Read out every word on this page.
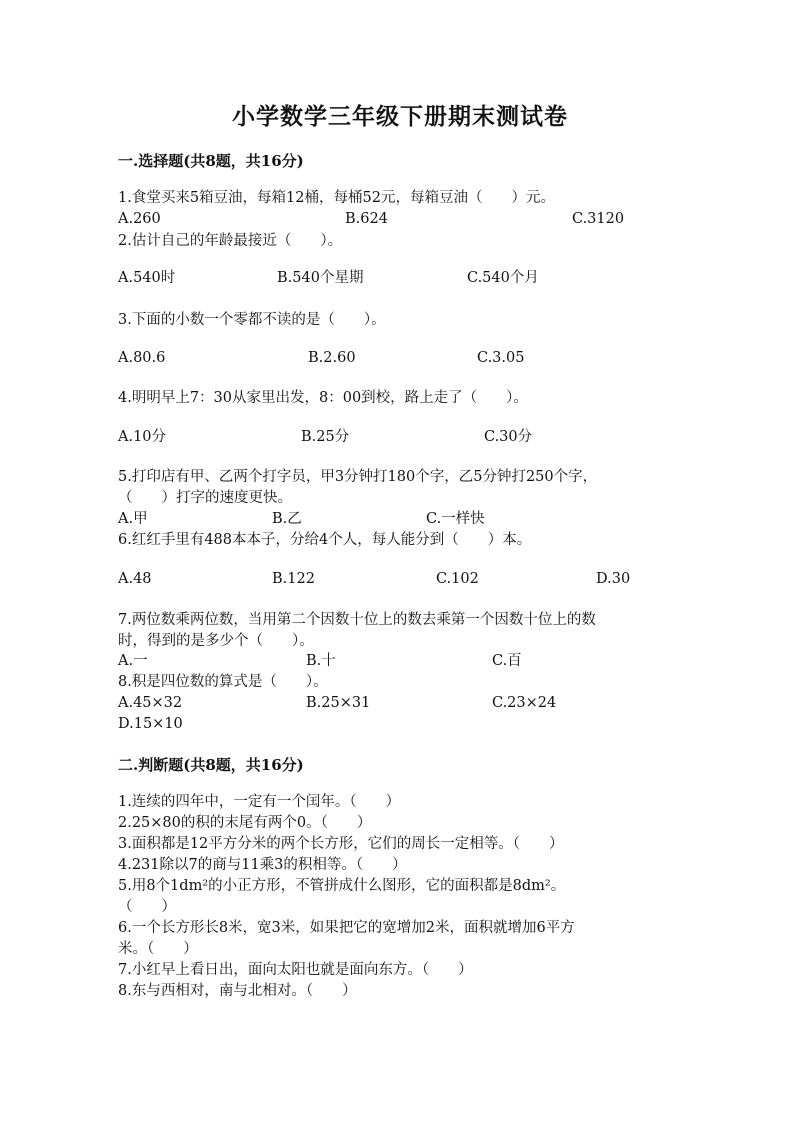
小学数学三年级下册期末测试卷
一.选择题(共8题，共16分)
1.食堂买来5箱豆油，每箱12桶，每桶52元，每箱豆油（　　）元。
A.260	B.624	C.3120
2.估计自己的年龄最接近（　　）。
A.540时	B.540个星期	C.540个月
3.下面的小数一个零都不读的是（　　）。
A.80.6	B.2.60	C.3.05
4.明明早上7：30从家里出发，8：00到校，路上走了（　　）。
A.10分	B.25分	C.30分
5.打印店有甲、乙两个打字员，甲3分钟打180个字，乙5分钟打250个字，
（　　）打字的速度更快。
A.甲	B.乙	C.一样快
6.红红手里有488本本子，分给4个人，每人能分到（　　）本。
A.48	B.122	C.102	D.30
7.两位数乘两位数，当用第二个因数十位上的数去乘第一个因数十位上的数
时，得到的是多少个（　　）。
A.一	B.十	C.百
8.积是四位数的算式是（　　）。
A.45×32	B.25×31	C.23×24
D.15×10
二.判断题(共8题，共16分)
1.连续的四年中，一定有一个闰年。（　　）
2.25×80的积的末尾有两个0。（　　）
3.面积都是12平方分米的两个长方形，它们的周长一定相等。（　　）
4.231除以7的商与11乘3的积相等。（　　）
5.用8个1dm²的小正方形，不管拼成什么图形，它的面积都是8dm²。
（　　）
6.一个长方形长8米，宽3米，如果把它的宽增加2米，面积就增加6平方
米。（　　）
7.小红早上看日出，面向太阳也就是面向东方。（　　）
8.东与西相对，南与北相对。（　　）
